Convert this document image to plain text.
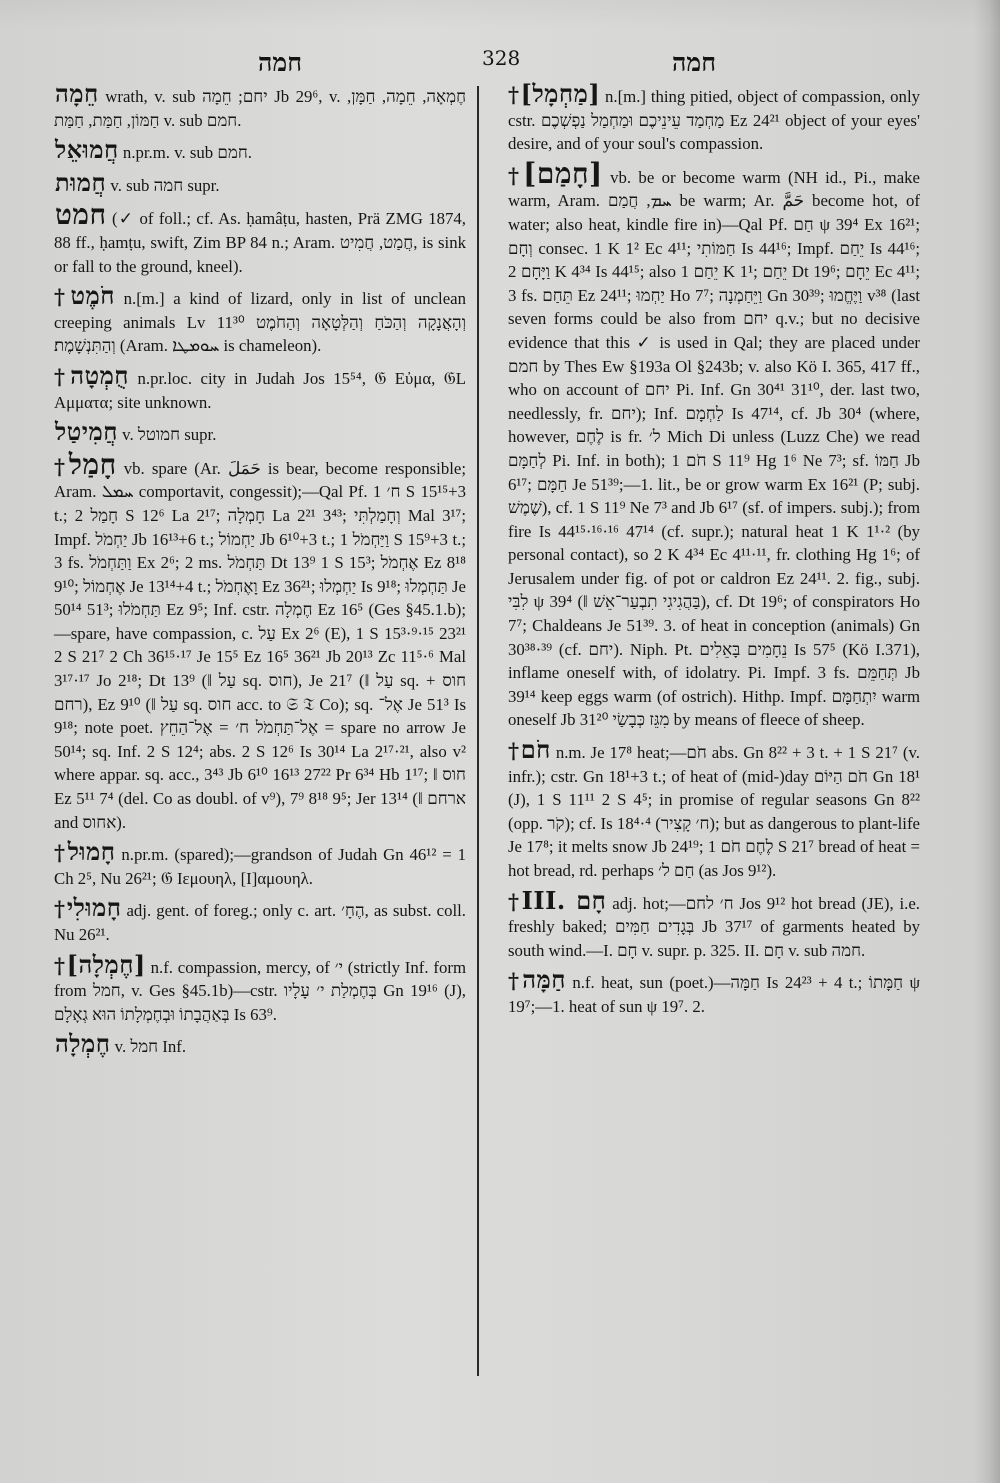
חמה	328	חמה

חֵמָה wrath, v. sub יחם; חֵמָה Jb 29⁶, v. חֶמְאָה, חֵמָה, חַמָּן, חַמּוֹן, חַמַּת, חַמַּת v. sub חמם.

חֲמוּאֵל n.pr.m. v. sub חמם.

חֲמוּת v. sub חמה supr.

חמט (✓ of foll.; cf. As. ḥamâṭu, hasten, Prä ZMG 1874, 88 ff., ḥamṭu, swift, Zim BP 84 n.; Aram. חֲמַט, חֲמִיט, is sink or fall to the ground, kneel).

†חֹמֶט n.[m.] a kind of lizard, only in list of unclean creeping animals Lv 11³⁰ וְהָאֲנָקָה וְהַכֹּחַ וְהַלְּטָאָה וְהַחֹמֶט וְהַתִּנְשָׁמֶת׃ (Aram. ܚܘܡܛܐ is chameleon).

†חֻמְטָה n.pr.loc. city in Judah Jos 15⁵⁴, 𝔊 Εὐμα, 𝔊L Αμματα; site unknown.

חֲמִיטַל v. חמוטל supr.

†חָמַל vb. spare (Ar. حَمَلَ is bear, become responsible; Aram. ܚܡܠ comportavit, congessit);—Qal Pf. ח׳ 1 S 15¹⁵+3 t.; חָמַל 2 S 12⁶ La 2¹⁷; חָמְלָה La 2²¹ 3⁴³; וְחָמַלְתִּי Mal 3¹⁷; Impf. יַחְמֹל Jb 16¹³+6 t.; יַחְמוֹל Jb 6¹⁰+3 t.; וַיַּחְמֹל 1 S 15⁹+3 t.; 3 fs. וַתַּחְמֹל Ex 2⁶; 2 ms. תַּחְמֹל Dt 13⁹ 1 S 15³; אֶחְמֹל Ez 8¹⁸ 9¹⁰; אֶחְמוֹל Je 13¹⁴+4 t.; וָאֶחְמֹל Ez 36²¹; יַחְמְלוּ Is 9¹⁸; תַּחְמְלוּ Je 50¹⁴ 51³; תַּחְמֹלוּ Ez 9⁵; Inf. cstr. חֶמְלָה Ez 16⁵ (Ges §45.1.b);—spare, have compassion, c. עַל Ex 2⁶ (E), 1 S 15³·⁹·¹⁵ 23²¹ 2 S 21⁷ 2 Ch 36¹⁵·¹⁷ Je 15⁵ Ez 16⁵ 36²¹ Jb 20¹³ Zc 11⁵·⁶ Mal 3¹⁷·¹⁷ Jo 2¹⁸; Dt 13⁹ (‖ עַל sq. חוס), Je 21⁷ (‖ עַל sq. חוס + רחם), Ez 9¹⁰ (‖ עַל sq. חוס acc. to 𝔖 𝔗 Co); sq. אֶל־ Je 51³ Is 9¹⁸; note poet. אֶל־תַּחְמֹל ח׳ = אֶל־הַחֵץ = spare no arrow Je 50¹⁴; sq. Inf. 2 S 12⁴; abs. 2 S 12⁶ Is 30¹⁴ La 2¹⁷·²¹, also v² where appar. sq. acc., 3⁴³ Jb 6¹⁰ 16¹³ 27²² Pr 6³⁴ Hb 1¹⁷; ‖ חוס Ez 5¹¹ 7⁴ (del. Co as doubl. of v⁹), 7⁹ 8¹⁸ 9⁵; Jer 13¹⁴ (‖ ארחם and אחוס).

†חָמוּל n.pr.m. (spared);—grandson of Judah Gn 46¹² = 1 Ch 2⁵, Nu 26²¹; 𝔊 Ιεμουηλ, [Ι]αμουηλ.

†חָמוּלִי adj. gent. of foreg.; only c. art. הֶחָ׳, as subst. coll. Nu 26²¹.

†[חֶמְלָה] n.f. compassion, mercy, of י׳ (strictly Inf. form from חמל, v. Ges §45.1b)—cstr. בְּחֶמְלַת י׳ עָלָיו Gn 19¹⁶ (J), בְּאַהֲבָתוֹ וּבְחֶמְלָתוֹ הוּא גְאָלָם Is 63⁹.

חֶמְלָה v. חמל Inf.

†[מַחְמָל] n.[m.] thing pitied, object of compassion, only cstr. מַחְמַד עֵינֵיכֶם וּמַחְמַל נַפְשְׁכֶם Ez 24²¹ object of your eyes' desire, and of your soul's compassion.

†[חָמַם] vb. be or become warm (NH id., Pi., make warm, Aram. ܚܡ, חֲמַם be warm; Ar. حَمَّ become hot, of water; also heat, kindle fire in)—Qal Pf. חַם ψ 39⁴ Ex 16²¹; וְחָם consec. 1 K 1² Ec 4¹¹; חַמּוֹתִי Is 44¹⁶; Impf. יֵחַם Is 44¹⁶; וַיָּחָם 2 K 4³⁴ Is 44¹⁵; also יֵחַם 1 K 1¹; יֵחַם Dt 19⁶; יֵחָם Ec 4¹¹; 3 fs. תֵּחַם Ez 24¹¹; יַחְמוּ Ho 7⁷; וַיֵּחַמְנָה Gn 30³⁹; וַיֶּחֱמוּ v³⁸ (last seven forms could be also from יחם q.v.; but no decisive evidence that this ✓ is used in Qal; they are placed under חמם by Thes Ew §193a Ol §243b; v. also Kö I. 365, 417 ff., who on account of יחם Pi. Inf. Gn 30⁴¹ 31¹⁰, der. last two, needlessly, fr. יחם); Inf. לַחְמָם Is 47¹⁴, cf. Jb 30⁴ (where, however, לֶחֶם is fr. ל׳ Mich Di unless (Luzz Che) we read לְחַמָּם Pi. Inf. in both); חֹם 1 S 11⁹ Hg 1⁶ Ne 7³; sf. חַמּוֹ Jb 6¹⁷; חַמָּם Je 51³⁹;—1. lit., be or grow warm Ex 16²¹ (P; subj. שֶׁמֶשׁ), cf. 1 S 11⁹ Ne 7³ and Jb 6¹⁷ (sf. of impers. subj.); from fire Is 44¹⁵·¹⁶·¹⁶ 47¹⁴ (cf. supr.); natural heat 1 K 1¹·² (by personal contact), so 2 K 4³⁴ Ec 4¹¹·¹¹, fr. clothing Hg 1⁶; of Jerusalem under fig. of pot or caldron Ez 24¹¹. 2. fig., subj. לִבִּי ψ 39⁴ (‖ בַּהֲגִיגִי תִבְעַר־אֵשׁ), cf. Dt 19⁶; of conspirators Ho 7⁷; Chaldeans Je 51³⁹. 3. of heat in conception (animals) Gn 30³⁸·³⁹ (cf. יחם). Niph. Pt. נֵחָמִים בָּאֵלִים Is 57⁵ (Kö I.371), inflame oneself with, of idolatry. Pi. Impf. 3 fs. תְּחַמֵּם Jb 39¹⁴ keep eggs warm (of ostrich). Hithp. Impf. יִתְחַמָּם warm oneself Jb 31²⁰ מִגֵּז כְּבָשַׂי by means of fleece of sheep.

†חֹם n.m. Je 17⁸ heat;—חֹם abs. Gn 8²² + 3 t. + 1 S 21⁷ (v. infr.); cstr. Gn 18¹+3 t.; of heat of (mid-)day חֹם הַיּוֹם Gn 18¹ (J), 1 S 11¹¹ 2 S 4⁵; in promise of regular seasons Gn 8²² (opp. קֹר); cf. Is 18⁴·⁴ (ח׳ קָצִיר); but as dangerous to plant-life Je 17⁸; it melts snow Jb 24¹⁹; לֶחֶם חֹם 1 S 21⁷ bread of heat = hot bread, rd. perhaps חַם ל׳ (as Jos 9¹²).

†III. חָם adj. hot;—ח׳ לחם Jos 9¹² hot bread (JE), i.e. freshly baked; בְּגָדִים חַמִּים Jb 37¹⁷ of garments heated by south wind.—I. חָם v. supr. p. 325. II. חָם v. sub חמה.

†חַמָּה n.f. heat, sun (poet.)—חַמָּה Is 24²³ + 4 t.; חַמָּתוֹ ψ 19⁷;—1. heat of sun ψ 19⁷. 2.
